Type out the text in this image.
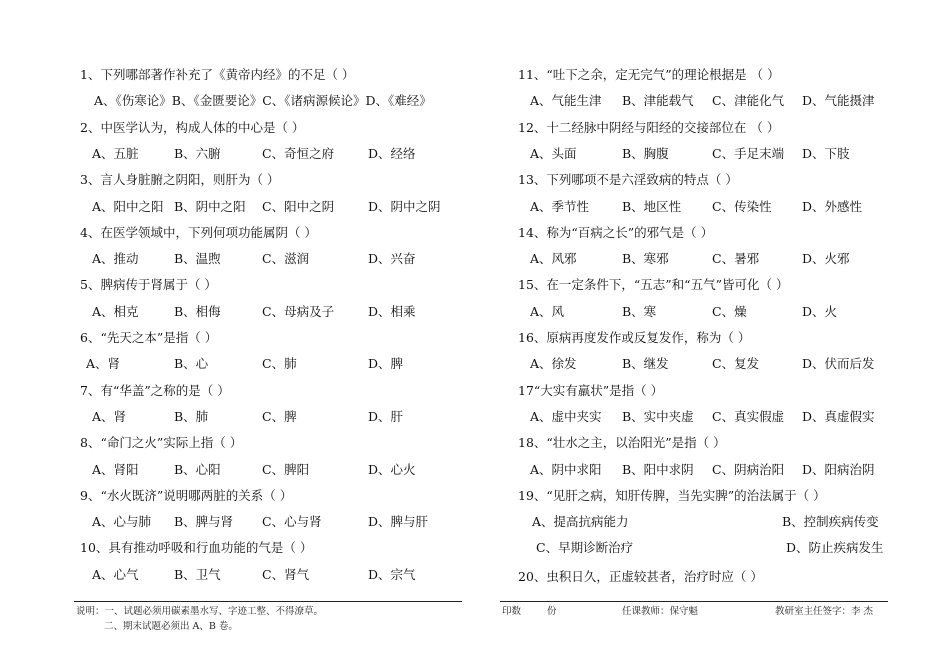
1、下列哪部著作补充了《黄帝内经》的不足（ ）
A、《伤寒论》B、《金匮要论》C、《诸病源候论》D、《难经》
2、中医学认为，构成人体的中心是（ ）
A、五脏	B、六腑	C、奇恒之府	D、经络
3、言人身脏腑之阴阳，则肝为（ ）
A、阳中之阳 B、阴中之阳 C、阳中之阴	D、阴中之阴
4、在医学领域中，下列何项功能属阴（ ）
A、推动	B、温煦	C、滋润	D、兴奋
5、脾病传于肾属于（ ）
A、相克	B、相侮	C、母病及子	D、相乘
6、“先天之本”是指（ ）
A、肾	B、心	C、肺	D、脾
7、有“华盖”之称的是（ ）
A、肾	B、肺	C、脾	D、肝
8、“命门之火”实际上指（ ）
A、肾阳	B、心阳	C、脾阳	D、心火
9、“水火既济”说明哪两脏的关系（ ）
A、心与肺 B、脾与肾 C、心与肾	D、脾与肝
10、具有推动呼吸和行血功能的气是（ ）
A、心气	B、卫气	C、肾气	D、宗气
11、“吐下之余，定无完气”的理论根据是 （ ）
A、气能生津 B、津能载气 C、津能化气 D、气能摄津
12、十二经脉中阴经与阳经的交接部位在 （ ）
A、头面	B、胸腹	C、手足末端 D、下肢
13、下列哪项不是六淫致病的特点（ ）
A、季节性	B、地区性 C、传染性 D、外感性
14、称为“百病之长”的邪气是（ ）
A、风邪	B、寒邪	C、暑邪	D、火邪
15、在一定条件下，“五志”和“五气”皆可化（ ）
A、风	B、寒	C、燥	D、火
16、原病再度发作或反复发作，称为（ ）
A、徐发	B、继发	C、复发	D、伏而后发
17“大实有羸状”是指（ ）
A、虚中夹实 B、实中夹虚 C、真实假虚 D、真虚假实
18、“壮水之主，以治阳光”是指（ ）
A、阴中求阳 B、阳中求阴 C、阴病治阳 D、阳病治阴
19、“见肝之病，知肝传脾，当先实脾”的治法属于（ ）
A、提高抗病能力	B、控制疾病传变
C、早期诊断治疗	D、防止疾病发生
20、虫积日久，正虚较甚者，治疗时应（ ）
说明：一、试题必须用碳素墨水写、字迹工整、不得潦草。
二、期末试题必须出 A、B 卷。
印数	份	任课教师：保守魁	教研室主任签字：李 杰
